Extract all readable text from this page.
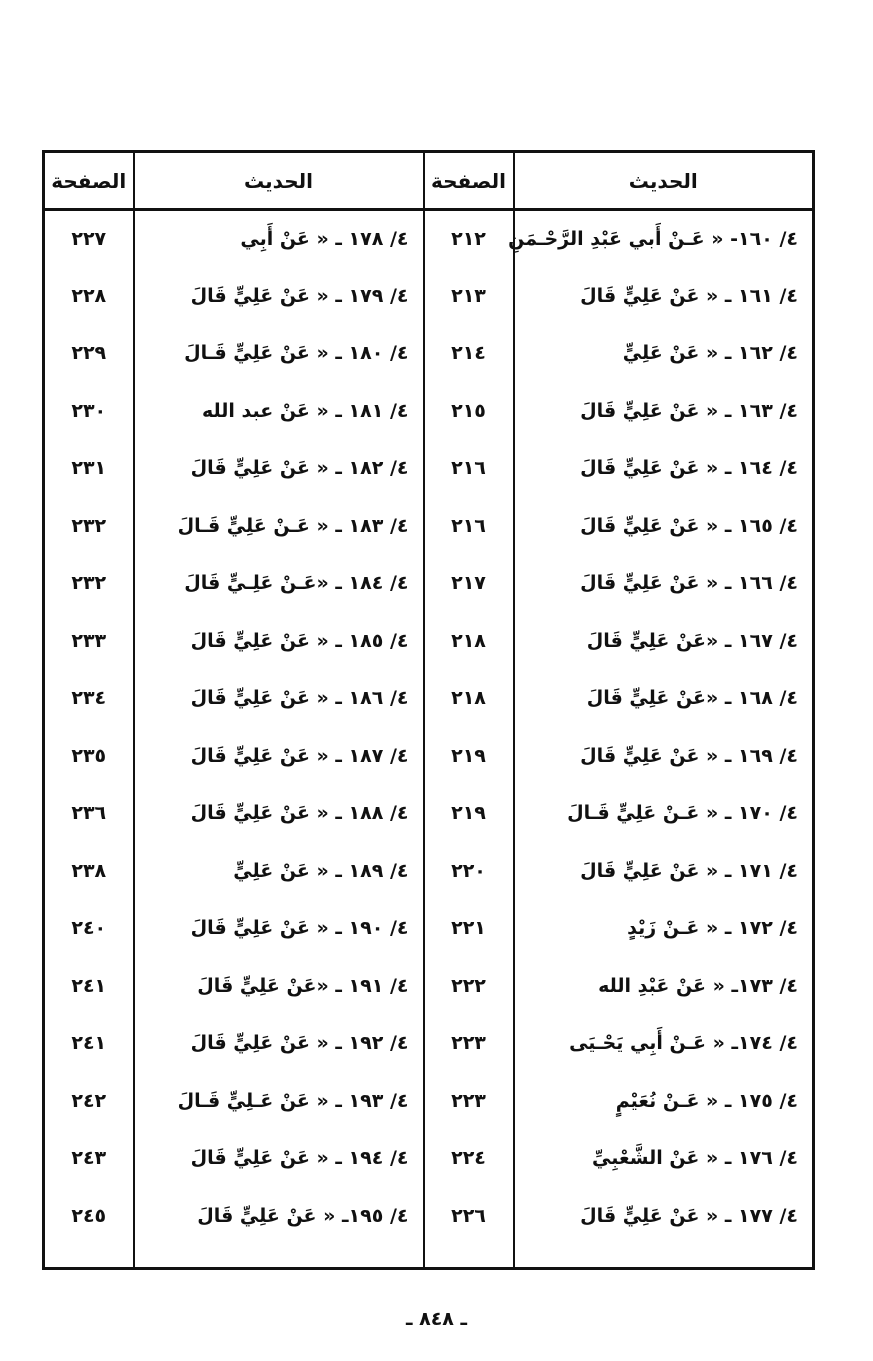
الحديث	الصفحة	الحديث	الصفحة
٤/ ١٦٠- « عَـنْ أَبي عَبْدِ الرَّحْـمَنِ	٢١٢	٤/ ١٧٨ ـ « عَنْ أَبِي	٢٢٧
٤/ ١٦١ ـ « عَنْ عَلِيٍّ قَالَ	٢١٣	٤/ ١٧٩ ـ « عَنْ عَلِيٍّ قَالَ	٢٢٨
٤/ ١٦٢ ـ « عَنْ عَلِيٍّ	٢١٤	٤/ ١٨٠ ـ « عَنْ عَلِيٍّ قَـالَ	٢٢٩
٤/ ١٦٣ ـ « عَنْ عَلِيٍّ قَالَ	٢١٥	٤/ ١٨١ ـ « عَنْ عبد الله	٢٣٠
٤/ ١٦٤ ـ « عَنْ عَلِيٍّ قَالَ	٢١٦	٤/ ١٨٢ ـ « عَنْ عَلِيٍّ قَالَ	٢٣١
٤/ ١٦٥ ـ « عَنْ عَلِيٍّ قَالَ	٢١٦	٤/ ١٨٣ ـ « عَـنْ عَلِيٍّ قَـالَ	٢٣٢
٤/ ١٦٦ ـ « عَنْ عَلِيٍّ قَالَ	٢١٧	٤/ ١٨٤ ـ «عَـنْ عَلِـيٍّ قَالَ	٢٣٢
٤/ ١٦٧ ـ «عَنْ عَلِيٍّ قَالَ	٢١٨	٤/ ١٨٥ ـ « عَنْ عَلِيٍّ قَالَ	٢٣٣
٤/ ١٦٨ ـ «عَنْ عَلِيٍّ قَالَ	٢١٨	٤/ ١٨٦ ـ « عَنْ عَلِيٍّ قَالَ	٢٣٤
٤/ ١٦٩ ـ « عَنْ عَلِيٍّ قَالَ	٢١٩	٤/ ١٨٧ ـ « عَنْ عَلِيٍّ قَالَ	٢٣٥
٤/ ١٧٠ ـ « عَـنْ عَلِيٍّ قَـالَ	٢١٩	٤/ ١٨٨ ـ « عَنْ عَلِيٍّ قَالَ	٢٣٦
٤/ ١٧١ ـ « عَنْ عَلِيٍّ قَالَ	٢٢٠	٤/ ١٨٩ ـ « عَنْ عَلِيٍّ	٢٣٨
٤/ ١٧٢ ـ « عَـنْ زَيْدٍ	٢٢١	٤/ ١٩٠ ـ « عَنْ عَلِيٍّ قَالَ	٢٤٠
٤/ ١٧٣ـ « عَنْ عَبْدِ الله	٢٢٢	٤/ ١٩١ ـ «عَنْ عَلِيٍّ قَالَ	٢٤١
٤/ ١٧٤ـ « عَـنْ أَبِي يَحْـيَى	٢٢٣	٤/ ١٩٢ ـ « عَنْ عَلِيٍّ قَالَ	٢٤١
٤/ ١٧٥ ـ « عَـنْ نُعَيْمٍ	٢٢٣	٤/ ١٩٣ ـ « عَنْ عَـلِيٍّ قَـالَ	٢٤٢
٤/ ١٧٦ ـ « عَنْ الشَّعْبِيِّ	٢٢٤	٤/ ١٩٤ ـ « عَنْ عَلِيٍّ قَالَ	٢٤٣
٤/ ١٧٧ ـ « عَنْ عَلِيٍّ قَالَ	٢٢٦	٤/ ١٩٥ـ « عَنْ عَلِيٍّ قَالَ	٢٤٥

ـ ٨٤٨ ـ
